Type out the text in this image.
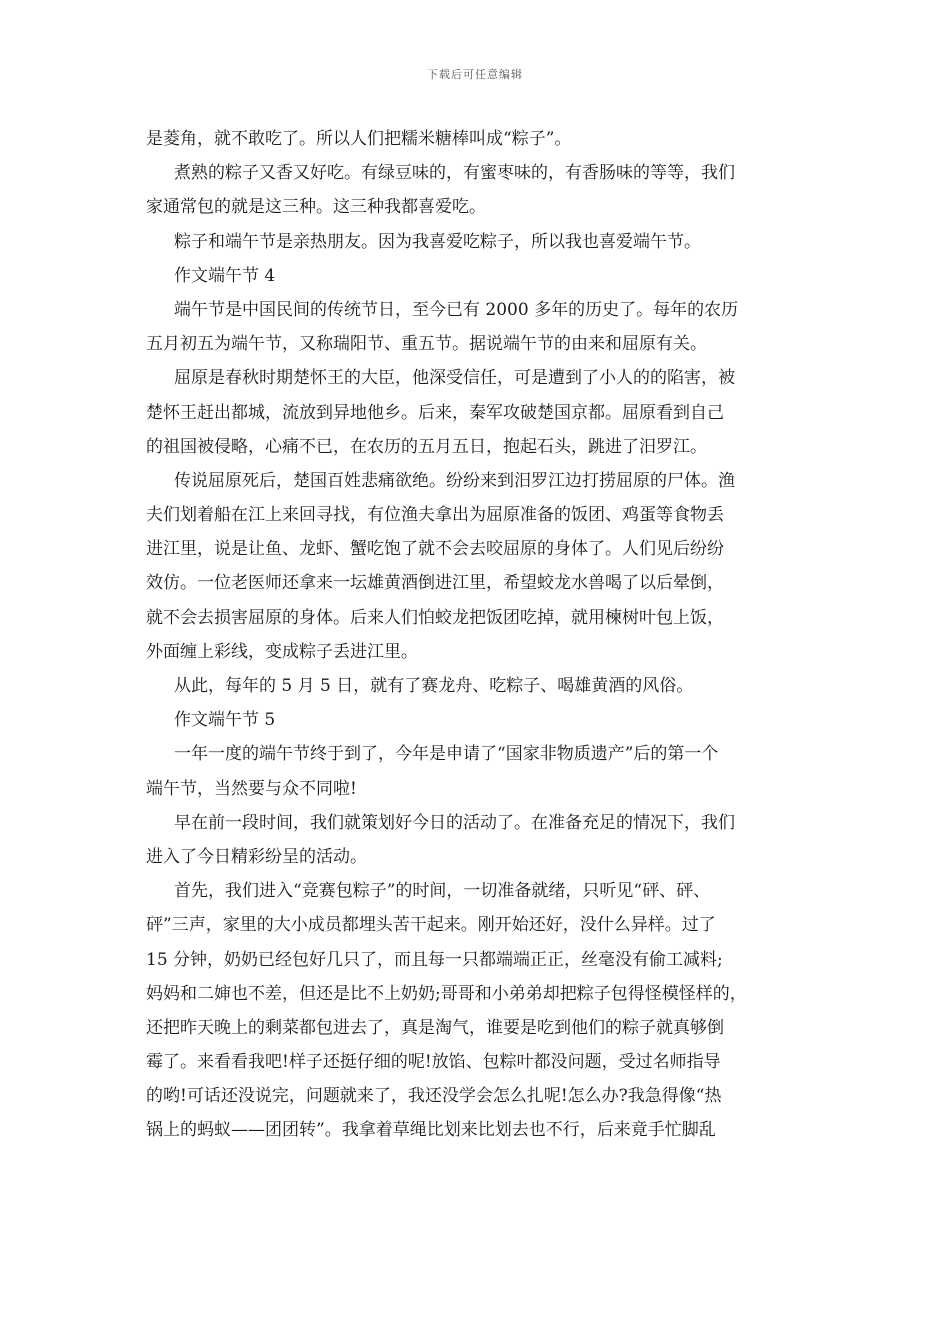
下载后可任意编辑
是菱角，就不敢吃了。所以人们把糯米糖棒叫成“粽子”。
煮熟的粽子又香又好吃。有绿豆味的，有蜜枣味的，有香肠味的等等，我们
家通常包的就是这三种。这三种我都喜爱吃。
粽子和端午节是亲热朋友。因为我喜爱吃粽子，所以我也喜爱端午节。
作文端午节 4
端午节是中国民间的传统节日，至今已有 2000 多年的历史了。每年的农历
五月初五为端午节，又称瑞阳节、重五节。据说端午节的由来和屈原有关。
屈原是春秋时期楚怀王的大臣，他深受信任，可是遭到了小人的的陷害，被
楚怀王赶出都城，流放到异地他乡。后来，秦军攻破楚国京都。屈原看到自己
的祖国被侵略，心痛不已，在农历的五月五日，抱起石头，跳进了汨罗江。
传说屈原死后，楚国百姓悲痛欲绝。纷纷来到汨罗江边打捞屈原的尸体。渔
夫们划着船在江上来回寻找，有位渔夫拿出为屈原准备的饭团、鸡蛋等食物丢
进江里，说是让鱼、龙虾、蟹吃饱了就不会去咬屈原的身体了。人们见后纷纷
效仿。一位老医师还拿来一坛雄黄酒倒进江里，希望蛟龙水兽喝了以后晕倒，
就不会去损害屈原的身体。后来人们怕蛟龙把饭团吃掉，就用楝树叶包上饭，
外面缠上彩线，变成粽子丢进江里。
从此，每年的 5 月 5 日，就有了赛龙舟、吃粽子、喝雄黄酒的风俗。
作文端午节 5
一年一度的端午节终于到了，今年是申请了“国家非物质遗产”后的第一个
端午节，当然要与众不同啦!
早在前一段时间，我们就策划好今日的活动了。在准备充足的情况下，我们
进入了今日精彩纷呈的活动。
首先，我们进入“竞赛包粽子”的时间，一切准备就绪，只听见“砰、砰、
砰”三声，家里的大小成员都埋头苦干起来。刚开始还好，没什么异样。过了
15 分钟，奶奶已经包好几只了，而且每一只都端端正正，丝毫没有偷工减料;
妈妈和二婶也不差，但还是比不上奶奶;哥哥和小弟弟却把粽子包得怪模怪样的，
还把昨天晚上的剩菜都包进去了，真是淘气，谁要是吃到他们的粽子就真够倒
霉了。来看看我吧!样子还挺仔细的呢!放馅、包粽叶都没问题，受过名师指导
的哟!可话还没说完，问题就来了，我还没学会怎么扎呢!怎么办?我急得像“热
锅上的蚂蚁——团团转”。我拿着草绳比划来比划去也不行，后来竟手忙脚乱
